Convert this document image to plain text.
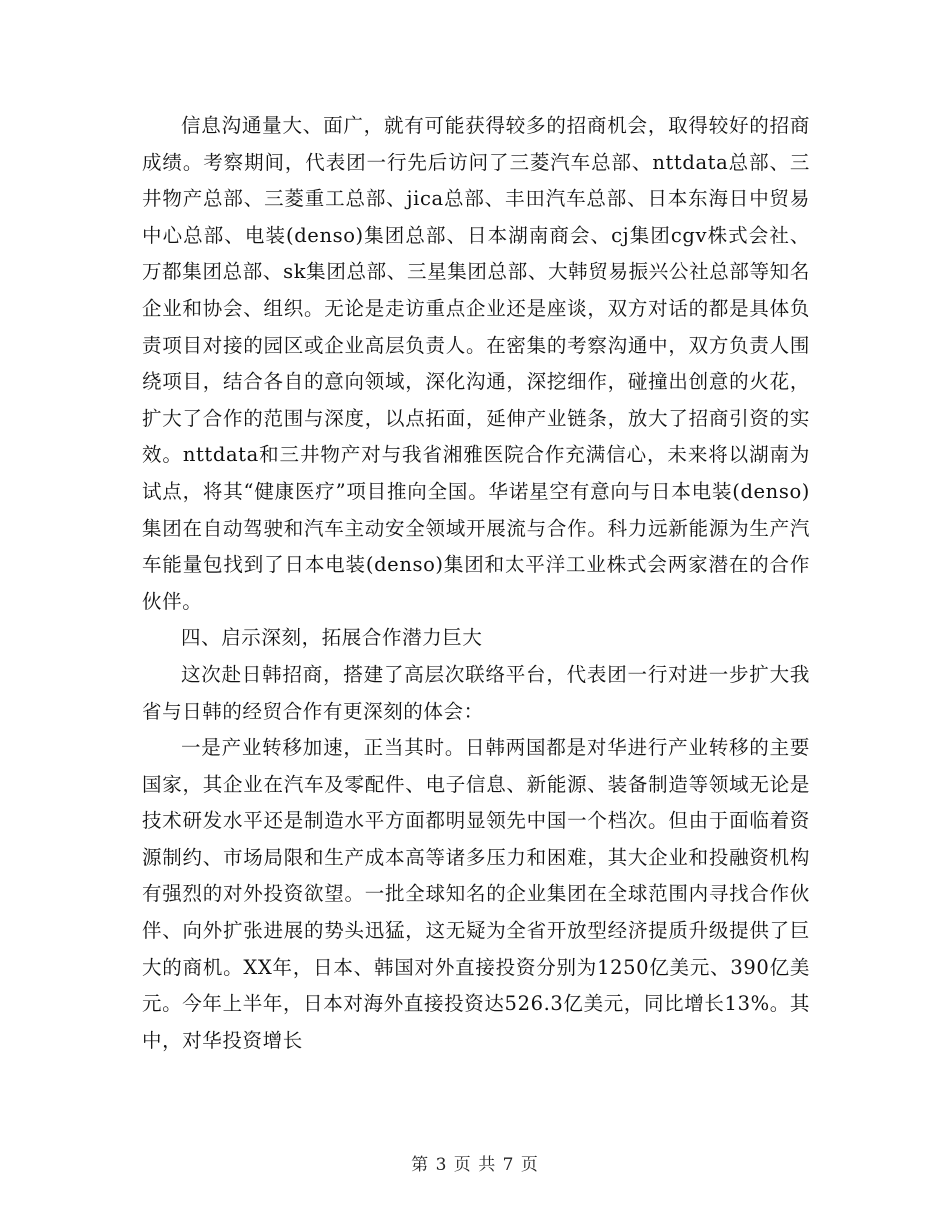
信息沟通量大、面广，就有可能获得较多的招商机会，取得较好的招商成绩。考察期间，代表团一行先后访问了三菱汽车总部、nttdata总部、三井物产总部、三菱重工总部、jica总部、丰田汽车总部、日本东海日中贸易中心总部、电装(denso)集团总部、日本湖南商会、cj集团cgv株式会社、万都集团总部、sk集团总部、三星集团总部、大韩贸易振兴公社总部等知名企业和协会、组织。无论是走访重点企业还是座谈，双方对话的都是具体负责项目对接的园区或企业高层负责人。在密集的考察沟通中，双方负责人围绕项目，结合各自的意向领域，深化沟通，深挖细作，碰撞出创意的火花，扩大了合作的范围与深度，以点拓面，延伸产业链条，放大了招商引资的实效。nttdata和三井物产对与我省湘雅医院合作充满信心，未来将以湖南为试点，将其“健康医疗”项目推向全国。华诺星空有意向与日本电装(denso)集团在自动驾驶和汽车主动安全领域开展流与合作。科力远新能源为生产汽车能量包找到了日本电装(denso)集团和太平洋工业株式会两家潜在的合作伙伴。

四、启示深刻，拓展合作潜力巨大

这次赴日韩招商，搭建了高层次联络平台，代表团一行对进一步扩大我省与日韩的经贸合作有更深刻的体会：

一是产业转移加速，正当其时。日韩两国都是对华进行产业转移的主要国家，其企业在汽车及零配件、电子信息、新能源、装备制造等领域无论是技术研发水平还是制造水平方面都明显领先中国一个档次。但由于面临着资源制约、市场局限和生产成本高等诸多压力和困难，其大企业和投融资机构有强烈的对外投资欲望。一批全球知名的企业集团在全球范围内寻找合作伙伴、向外扩张进展的势头迅猛，这无疑为全省开放型经济提质升级提供了巨大的商机。XX年，日本、韩国对外直接投资分别为1250亿美元、390亿美元。今年上半年，日本对海外直接投资达526.3亿美元，同比增长13%。其中，对华投资增长

第 3 页 共 7 页
